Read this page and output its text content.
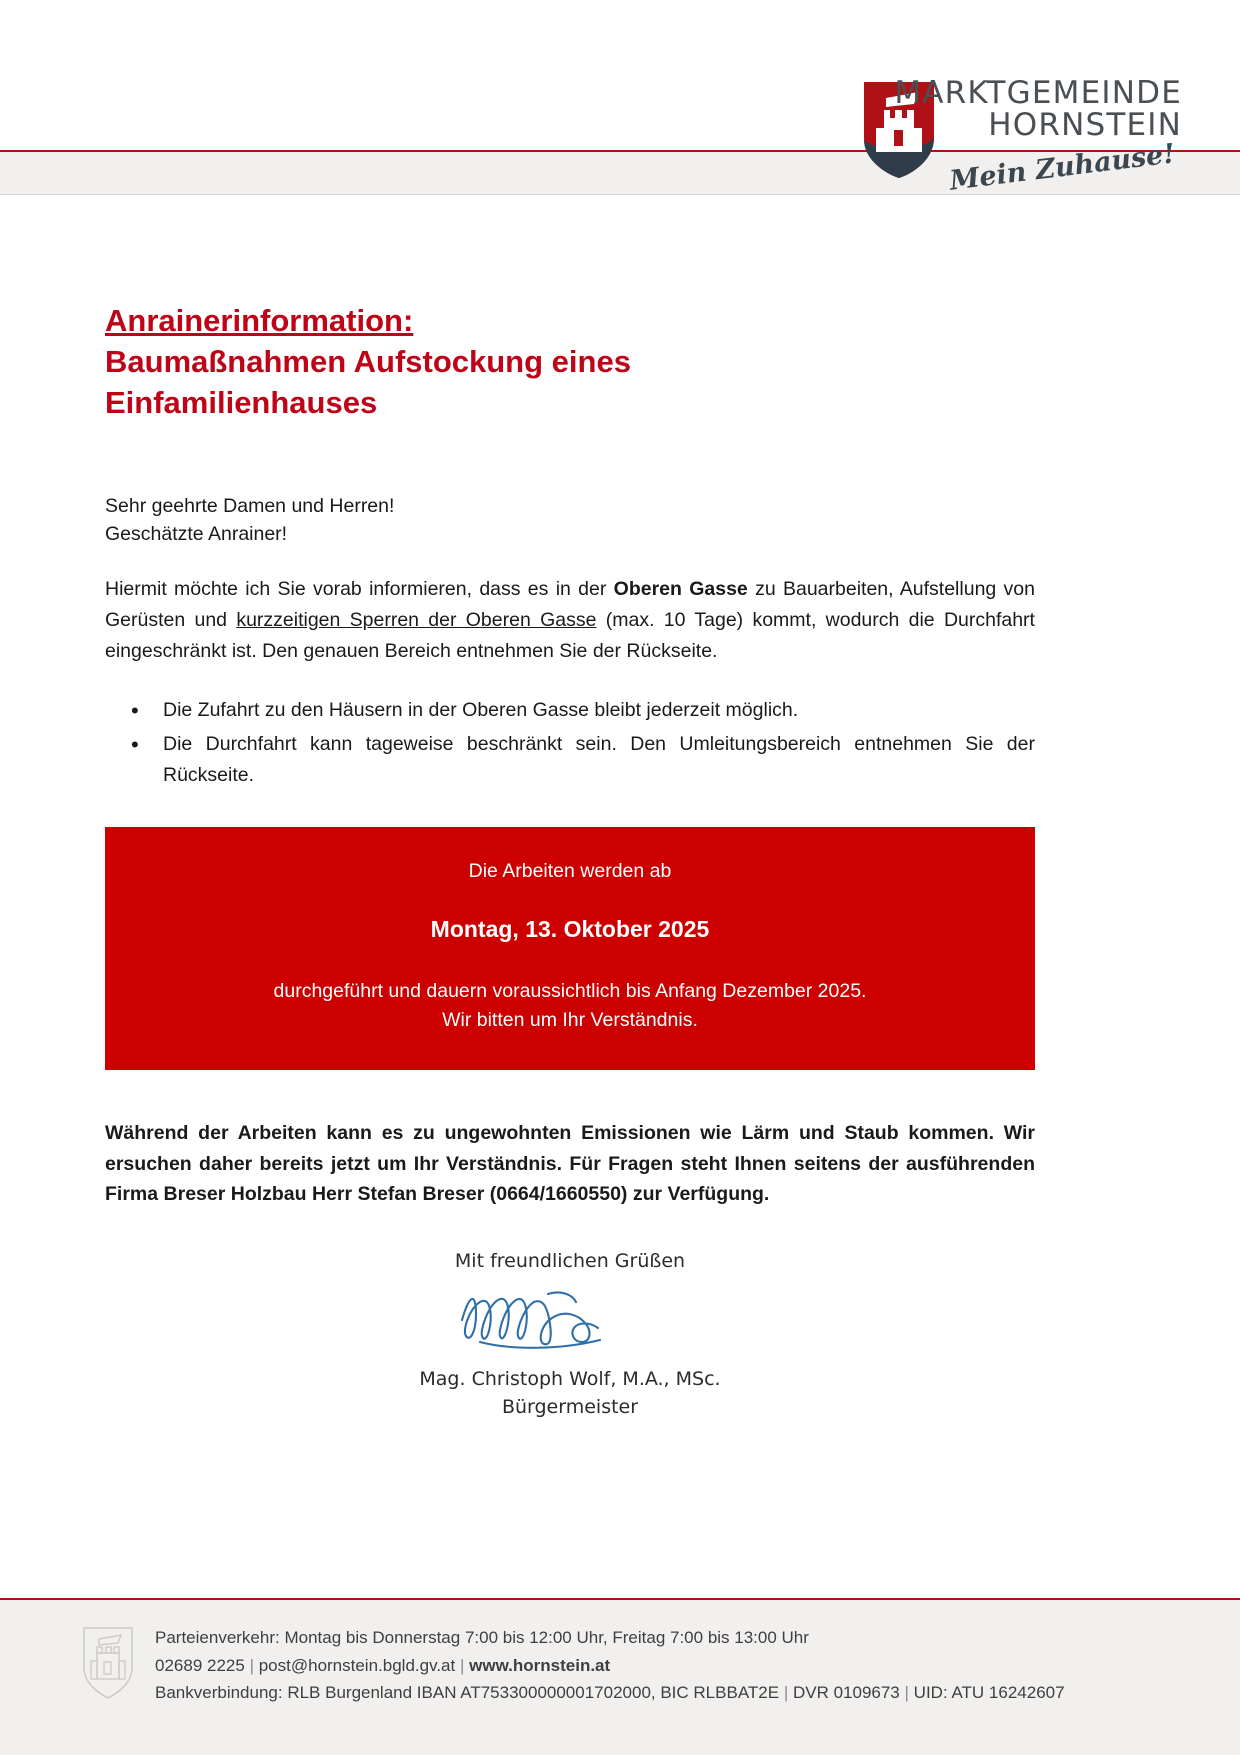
MARKTGEMEINDE
HORNSTEIN
Mein Zuhause!
Anrainerinformation:
Baumaßnahmen Aufstockung eines
Einfamilienhauses
Sehr geehrte Damen und Herren!
Geschätzte Anrainer!

Hiermit möchte ich Sie vorab informieren, dass es in der Oberen Gasse zu Bauarbeiten, Aufstellung von Gerüsten und kurzzeitigen Sperren der Oberen Gasse (max. 10 Tage) kommt, wodurch die Durchfahrt eingeschränkt ist. Den genauen Bereich entnehmen Sie der Rückseite.

• Die Zufahrt zu den Häusern in der Oberen Gasse bleibt jederzeit möglich.
• Die Durchfahrt kann tageweise beschränkt sein. Den Umleitungsbereich entnehmen Sie der Rückseite.
Die Arbeiten werden ab
Montag, 13. Oktober 2025
durchgeführt und dauern voraussichtlich bis Anfang Dezember 2025.
Wir bitten um Ihr Verständnis.

Während der Arbeiten kann es zu ungewohnten Emissionen wie Lärm und Staub kommen. Wir ersuchen daher bereits jetzt um Ihr Verständnis. Für Fragen steht Ihnen seitens der ausführenden Firma Breser Holzbau Herr Stefan Breser (0664/1660550) zur Verfügung.

Mit freundlichen Grüßen
Mag. Christoph Wolf, M.A., MSc.
Bürgermeister
Parteienverkehr: Montag bis Donnerstag 7:00 bis 12:00 Uhr, Freitag 7:00 bis 13:00 Uhr
02689 2225 | post@hornstein.bgld.gv.at | www.hornstein.at
Bankverbindung: RLB Burgenland IBAN AT753300000001702000, BIC RLBBAT2E | DVR 0109673 | UID: ATU 16242607
